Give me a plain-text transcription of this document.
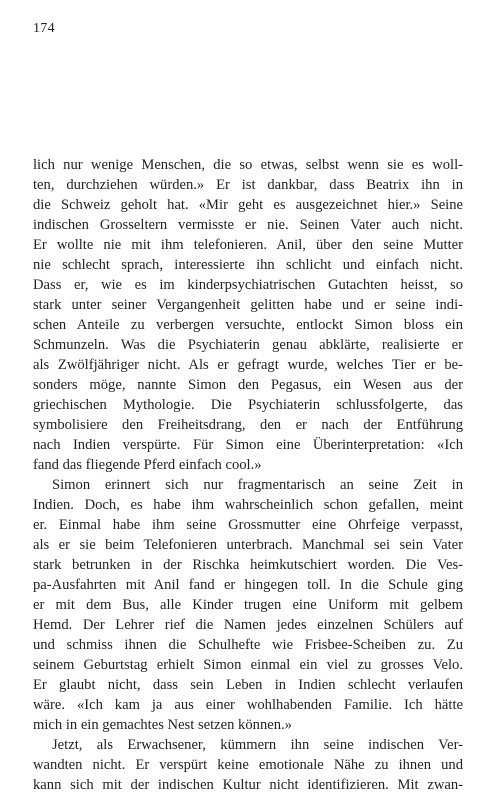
174
lich nur wenige Menschen, die so etwas, selbst wenn sie es woll-
ten, durchziehen würden.» Er ist dankbar, dass Beatrix ihn in
die Schweiz geholt hat. «Mir geht es ausgezeichnet hier.» Seine
indischen Grosseltern vermisste er nie. Seinen Vater auch nicht.
Er wollte nie mit ihm telefonieren. Anil, über den seine Mutter
nie schlecht sprach, interessierte ihn schlicht und einfach nicht.
Dass er, wie es im kinderpsychiatrischen Gutachten heisst, so
stark unter seiner Vergangenheit gelitten habe und er seine indi-
schen Anteile zu verbergen versuchte, entlockt Simon bloss ein
Schmunzeln. Was die Psychiaterin genau abklärte, realisierte er
als Zwölfjähriger nicht. Als er gefragt wurde, welches Tier er be-
sonders möge, nannte Simon den Pegasus, ein Wesen aus der
griechischen Mythologie. Die Psychiaterin schlussfolgerte, das
symbolisiere den Freiheitsdrang, den er nach der Entführung
nach Indien verspürte. Für Simon eine Überinterpretation: «Ich
fand das fliegende Pferd einfach cool.»
Simon erinnert sich nur fragmentarisch an seine Zeit in
Indien. Doch, es habe ihm wahrscheinlich schon gefallen, meint
er. Einmal habe ihm seine Grossmutter eine Ohrfeige verpasst,
als er sie beim Telefonieren unterbrach. Manchmal sei sein Vater
stark betrunken in der Rischka heimkutschiert worden. Die Ves-
pa-Ausfahrten mit Anil fand er hingegen toll. In die Schule ging
er mit dem Bus, alle Kinder trugen eine Uniform mit gelbem
Hemd. Der Lehrer rief die Namen jedes einzelnen Schülers auf
und schmiss ihnen die Schulhefte wie Frisbee-Scheiben zu. Zu
seinem Geburtstag erhielt Simon einmal ein viel zu grosses Velo.
Er glaubt nicht, dass sein Leben in Indien schlecht verlaufen
wäre. «Ich kam ja aus einer wohlhabenden Familie. Ich hätte
mich in ein gemachtes Nest setzen können.»
Jetzt, als Erwachsener, kümmern ihn seine indischen Ver-
wandten nicht. Er verspürt keine emotionale Nähe zu ihnen und
kann sich mit der indischen Kultur nicht identifizieren. Mit zwan-
